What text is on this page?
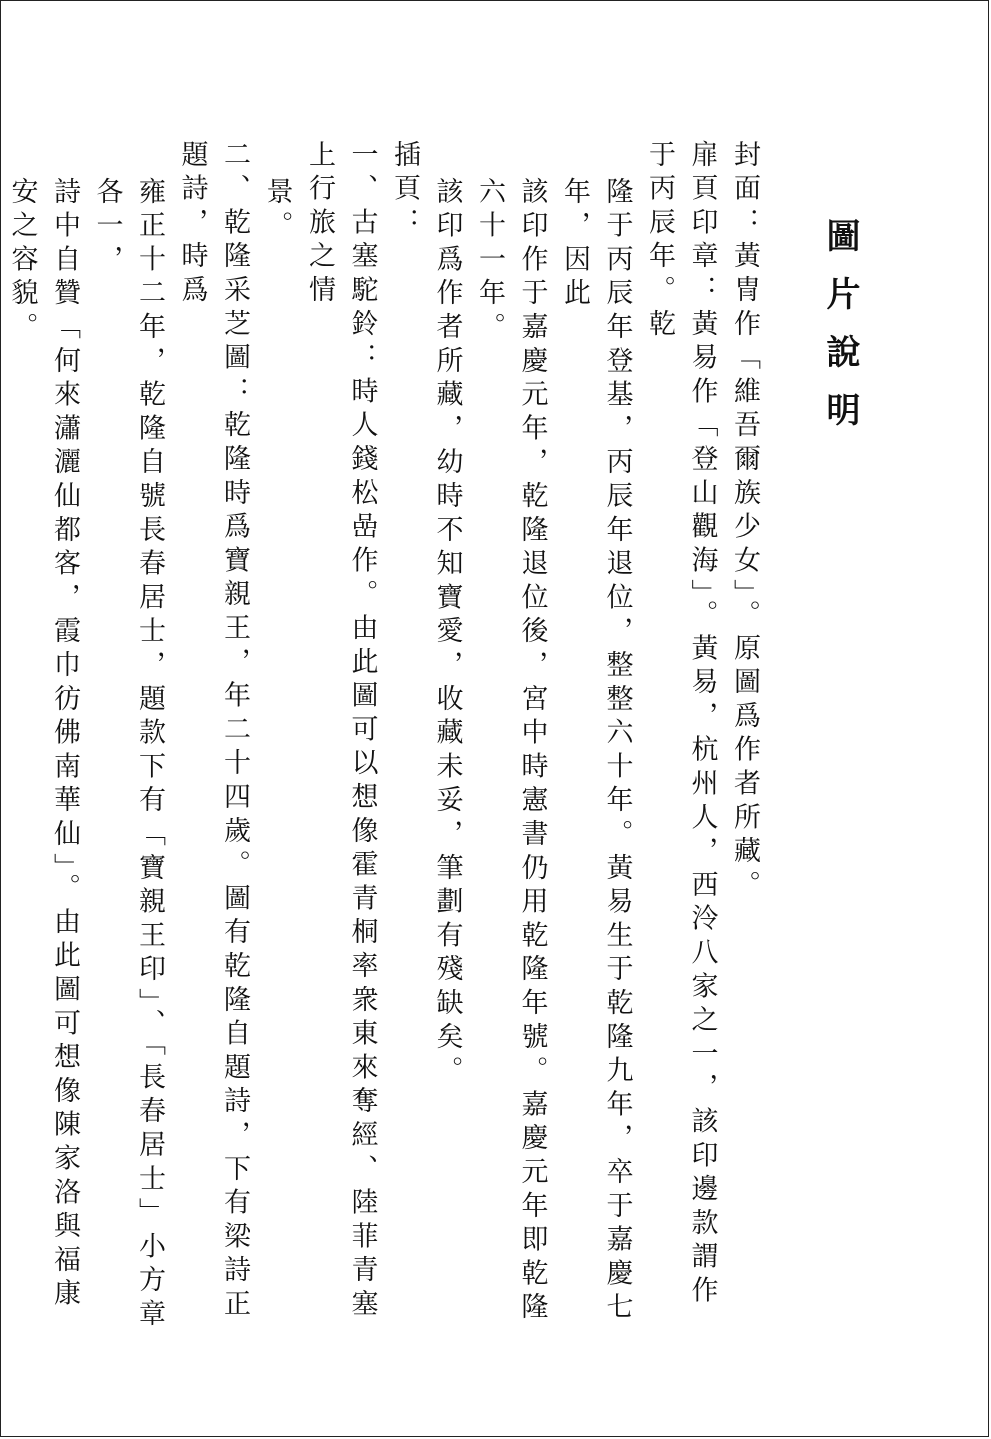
圖片說明

封面：黃冑作「維吾爾族少女」。原圖爲作者所藏。

扉頁印章：黃易作「登山觀海」。黃易，杭州人，西泠八家之一，該印邊款謂作于丙辰年。乾
隆于丙辰年登基，丙辰年退位，整整六十年。黃易生于乾隆九年，卒于嘉慶七年，因此
該印作于嘉慶元年，乾隆退位後，宮中時憲書仍用乾隆年號。嘉慶元年即乾隆六十一年。
該印爲作者所藏，幼時不知寶愛，收藏未妥，筆劃有殘缺矣。

插頁：

一、古塞駝鈴：時人錢松嵒作。由此圖可以想像霍青桐率衆東來奪經、陸菲青塞上行旅之情
景。

二、乾隆采芝圖：乾隆時爲寶親王，年二十四歲。圖有乾隆自題詩，下有梁詩正題詩，時爲
雍正十二年，乾隆自號長春居士，題款下有「寶親王印」、「長春居士」小方章各一，
詩中自贊「何來瀟灑仙都客，霞巾彷佛南華仙」。由此圖可想像陳家洛與福康安之容貌。
